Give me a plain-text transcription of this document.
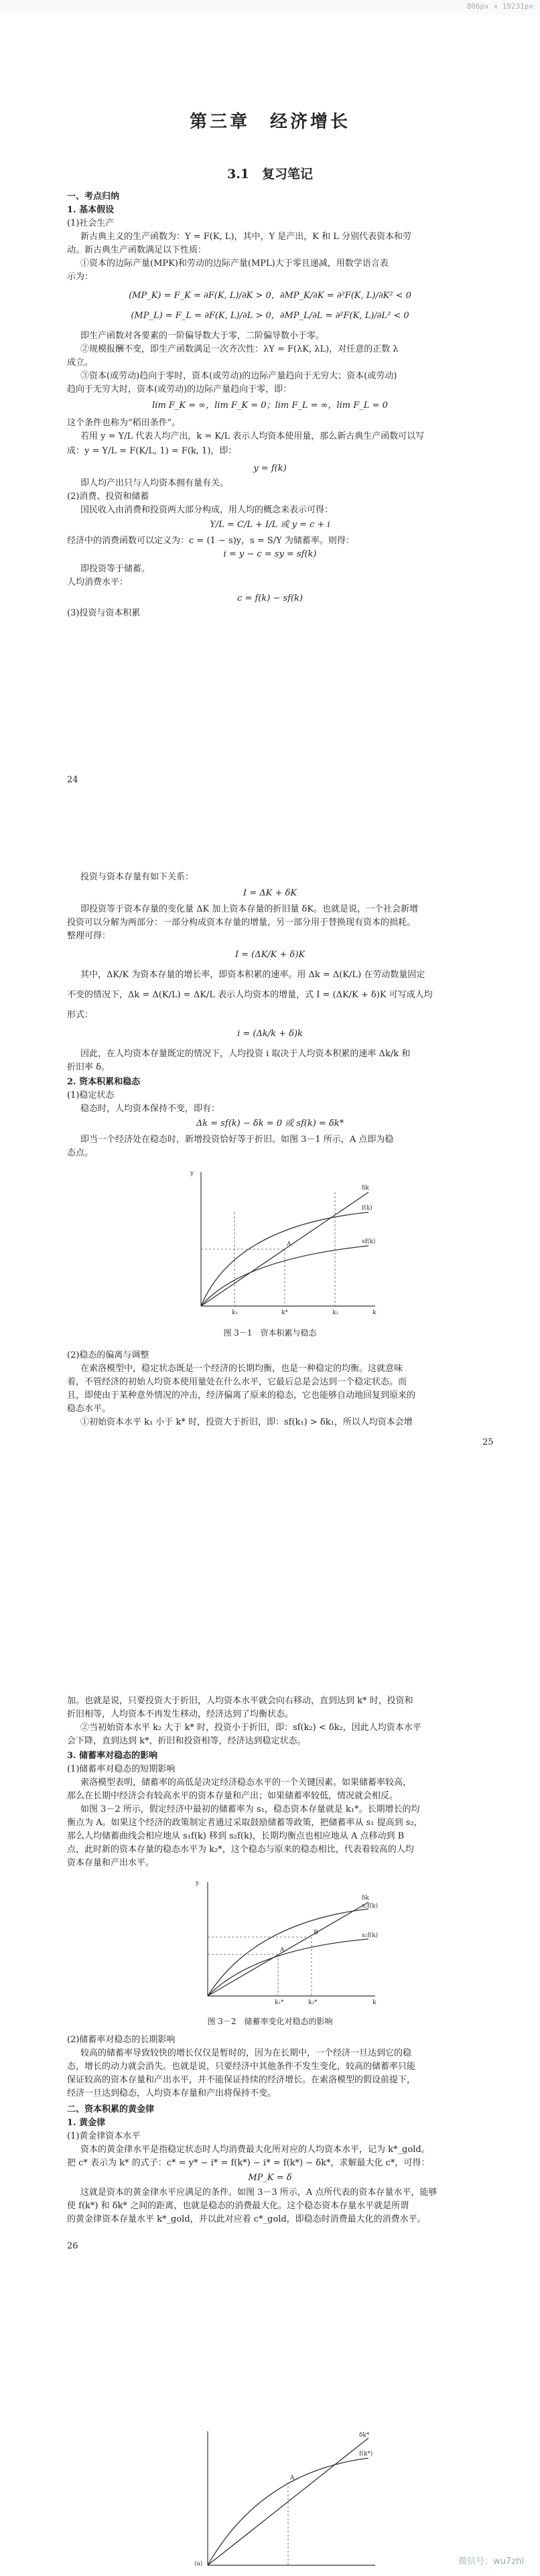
806px × 19231px
第三章　经济增长
3.1　复习笔记
一、考点归纳
1. 基本假设
(1)社会生产
新古典主义的生产函数为：Y = F(K, L)，其中，Y 是产出，K 和 L 分别代表资本和劳
动。新古典生产函数满足以下性质：
①资本的边际产量(MPK)和劳动的边际产量(MPL)大于零且递减，用数学语言表
示为：
(MP_K) = F_K = ∂F(K, L)/∂K > 0，∂MP_K/∂K = ∂²F(K, L)/∂K² < 0
(MP_L) = F_L = ∂F(K, L)/∂L > 0，∂MP_L/∂L = ∂²F(K, L)/∂L² < 0
即生产函数对各要素的一阶偏导数大于零，二阶偏导数小于零。
②规模报酬不变，即生产函数满足一次齐次性：λY = F(λK, λL)，对任意的正数 λ
成立。
③资本(或劳动)趋向于零时，资本(或劳动)的边际产量趋向于无穷大；资本(或劳动)
趋向于无穷大时，资本(或劳动)的边际产量趋向于零，即：
lim F_K = ∞，lim F_K = 0；lim F_L = ∞，lim F_L = 0
这个条件也称为“稻田条件”。
若用 y = Y/L 代表人均产出，k = K/L 表示人均资本使用量，那么新古典生产函数可以写
成：y = Y/L = F(K/L, 1) = F(k, 1)，即：
y = f(k)
即人均产出只与人均资本拥有量有关。
(2)消费、投资和储蓄
国民收入由消费和投资两大部分构成，用人均的概念来表示可得：
Y/L = C/L + I/L 或 y = c + i
经济中的消费函数可以定义为：c = (1 − s)y，s = S/Y 为储蓄率。则得：
i = y − c = sy = sf(k)
即投资等于储蓄。
人均消费水平：
c = f(k) − sf(k)
(3)投资与资本积累
24
投资与资本存量有如下关系：
I = ΔK + δK
即投资等于资本存量的变化量 ΔK 加上资本存量的折旧量 δK。也就是说，一个社会新增
投资可以分解为两部分：一部分构成资本存量的增量，另一部分用于替换现有资本的损耗。
整理可得：
I = (ΔK/K + δ)K
其中，ΔK/K 为资本存量的增长率，即资本积累的速率。用 Δk = Δ(K/L) 在劳动数量固定
不变的情况下，Δk = Δ(K/L) = ΔK/L 表示人均资本的增量，式 I = (ΔK/K + δ)K 可写成人均
形式：
i = (Δk/k + δ)k
因此，在人均资本存量既定的情况下，人均投资 i 取决于人均资本积累的速率 Δk/k 和
折旧率 δ。
2. 资本积累和稳态
(1)稳定状态
稳态时，人均资本保持不变，即有：
Δk = sf(k) − δk = 0 或 sf(k) = δk*
即当一个经济处在稳态时，新增投资恰好等于折旧。如图 3－1 所示，A 点即为稳
态点。
y
δk
f(k)
sf(k)
A
k₁	k*	k₂	k
图 3－1　资本积累与稳态
(2)稳态的偏离与调整
在索洛模型中，稳定状态既是一个经济的长期均衡，也是一种稳定的均衡。这就意味
着，不管经济的初始人均资本使用量处在什么水平，它最后总是会达到一个稳定状态。而
且，即使由于某种意外情况的冲击，经济偏离了原来的稳态，它也能够自动地回复到原来的
稳态水平。
①初始资本水平 k₁ 小于 k* 时，投资大于折旧，即：sf(k₁) > δk₁，所以人均资本会增
25
加。也就是说，只要投资大于折旧，人均资本水平就会向右移动，直到达到 k* 时，投资和
折旧相等，人均资本不再发生移动，经济达到了均衡状态。
②当初始资本水平 k₂ 大于 k* 时，投资小于折旧，即：sf(k₂) < δk₂，因此人均资本水平
会下降，直到达到 k*，折旧和投资相等，经济达到稳定状态。
3. 储蓄率对稳态的影响
(1)储蓄率对稳态的短期影响
索洛模型表明，储蓄率的高低是决定经济稳态水平的一个关键因素。如果储蓄率较高，
那么在长期中经济会有较高水平的资本存量和产出；如果储蓄率较低，情况就会相反。
如图 3－2 所示，假定经济中最初的储蓄率为 s₁，稳态资本存量就是 k₁*。长期增长的均
衡点为 A。如果这个经济的政策制定者通过采取鼓励储蓄等政策，把储蓄率从 s₁ 提高到 s₂，
那么人均储蓄曲线会相应地从 s₁f(k) 移到 s₂f(k)，长期均衡点也相应地从 A 点移动到 B
点，此时新的资本存量的稳态水平为 k₂*，这个稳态与原来的稳态相比，代表着较高的人均
资本存量和产出水平。
y
δk
s₂f(k)
s₁f(k)
A
B
k₁*	k₂*	k
图 3－2　储蓄率变化对稳态的影响
(2)储蓄率对稳态的长期影响
较高的储蓄率导致较快的增长仅仅是暂时的，因为在长期中，一个经济一旦达到它的稳
态，增长的动力就会消失。也就是说，只要经济中其他条件不发生变化，较高的储蓄率只能
保证较高的资本存量和产出水平，并不能保证持续的经济增长。在索洛模型的假设前提下，
经济一旦达到稳态，人均资本存量和产出将保持不变。
二、资本积累的黄金律
1. 黄金律
(1)黄金律资本水平
资本的黄金律水平是指稳定状态时人均消费最大化所对应的人均资本水平，记为 k*_gold。
把 c* 表示为 k* 的式子：c* = y* − i* = f(k*) − i* = f(k*) − δk*，求解最大化 c*，可得：
MP_K = δ
这就是资本的黄金律水平应满足的条件。如图 3－3 所示，A 点所代表的资本存量水平，能够
使 f(k*) 和 δk* 之间的距离，也就是稳态的消费最大化。这个稳态资本存量水平就是所谓
的黄金律资本存量水平 k*_gold，并以此对应着 c*_gold，即稳态时消费最大化的消费水平。
26
(a)
δk*
f(k*)
A
微信号：wu7zhl
